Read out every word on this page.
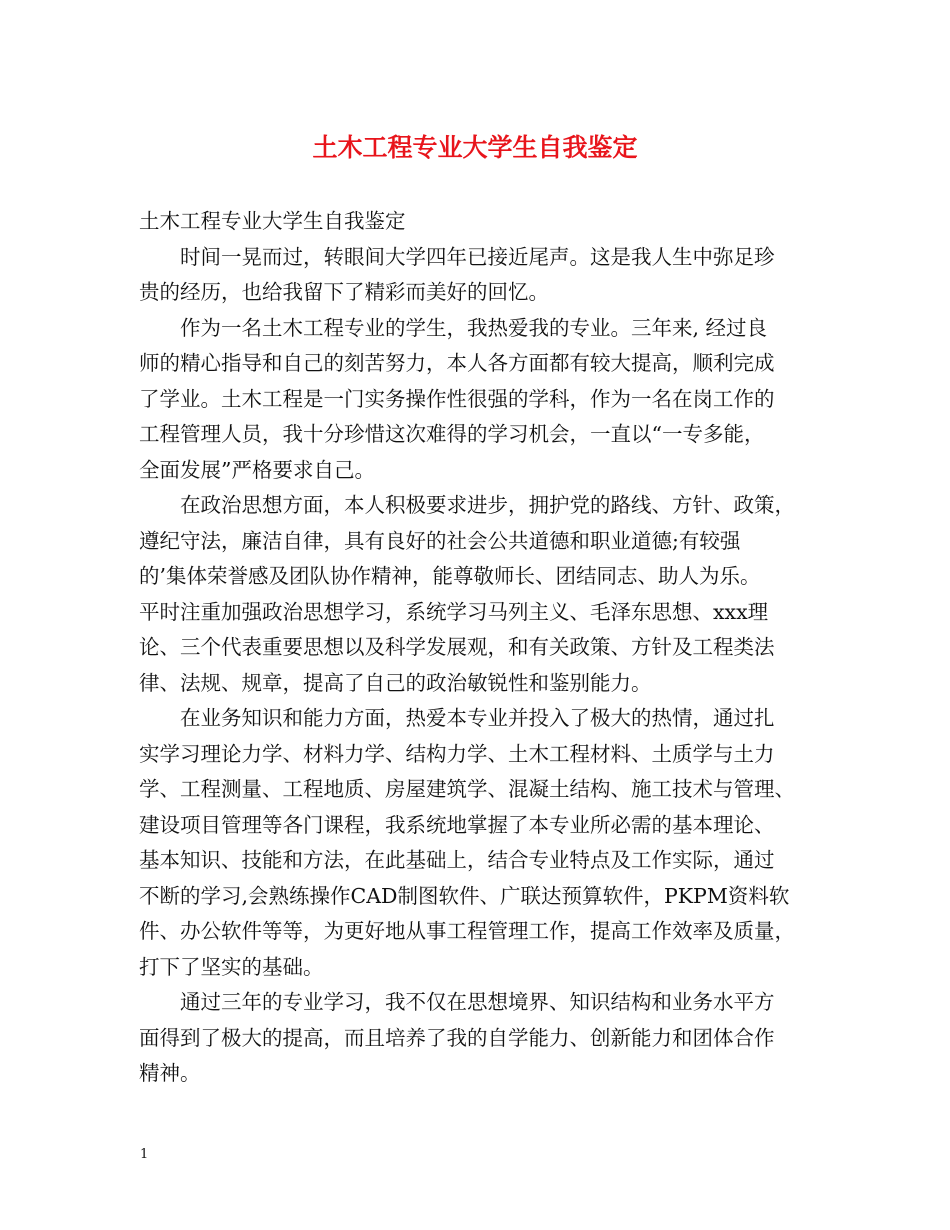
土木工程专业大学生自我鉴定
土木工程专业大学生自我鉴定
时间一晃而过，转眼间大学四年已接近尾声。这是我人生中弥足珍
贵的经历，也给我留下了精彩而美好的回忆。
作为一名土木工程专业的学生，我热爱我的专业。三年来, 经过良
师的精心指导和自己的刻苦努力，本人各方面都有较大提高，顺利完成
了学业。土木工程是一门实务操作性很强的学科，作为一名在岗工作的
工程管理人员，我十分珍惜这次难得的学习机会，一直以“一专多能，
全面发展”严格要求自己。
在政治思想方面，本人积极要求进步，拥护党的路线、方针、政策，
遵纪守法，廉洁自律，具有良好的社会公共道德和职业道德;有较强
的’集体荣誉感及团队协作精神，能尊敬师长、团结同志、助人为乐。
平时注重加强政治思想学习，系统学习马列主义、毛泽东思想、xxx理
论、三个代表重要思想以及科学发展观，和有关政策、方针及工程类法
律、法规、规章，提高了自己的政治敏锐性和鉴别能力。
在业务知识和能力方面，热爱本专业并投入了极大的热情，通过扎
实学习理论力学、材料力学、结构力学、土木工程材料、土质学与土力
学、工程测量、工程地质、房屋建筑学、混凝土结构、施工技术与管理、
建设项目管理等各门课程，我系统地掌握了本专业所必需的基本理论、
基本知识、技能和方法，在此基础上，结合专业特点及工作实际，通过
不断的学习,会熟练操作CAD制图软件、广联达预算软件，PKPM资料软
件、办公软件等等，为更好地从事工程管理工作，提高工作效率及质量，
打下了坚实的基础。
通过三年的专业学习，我不仅在思想境界、知识结构和业务水平方
面得到了极大的提高，而且培养了我的自学能力、创新能力和团体合作
精神。
1
